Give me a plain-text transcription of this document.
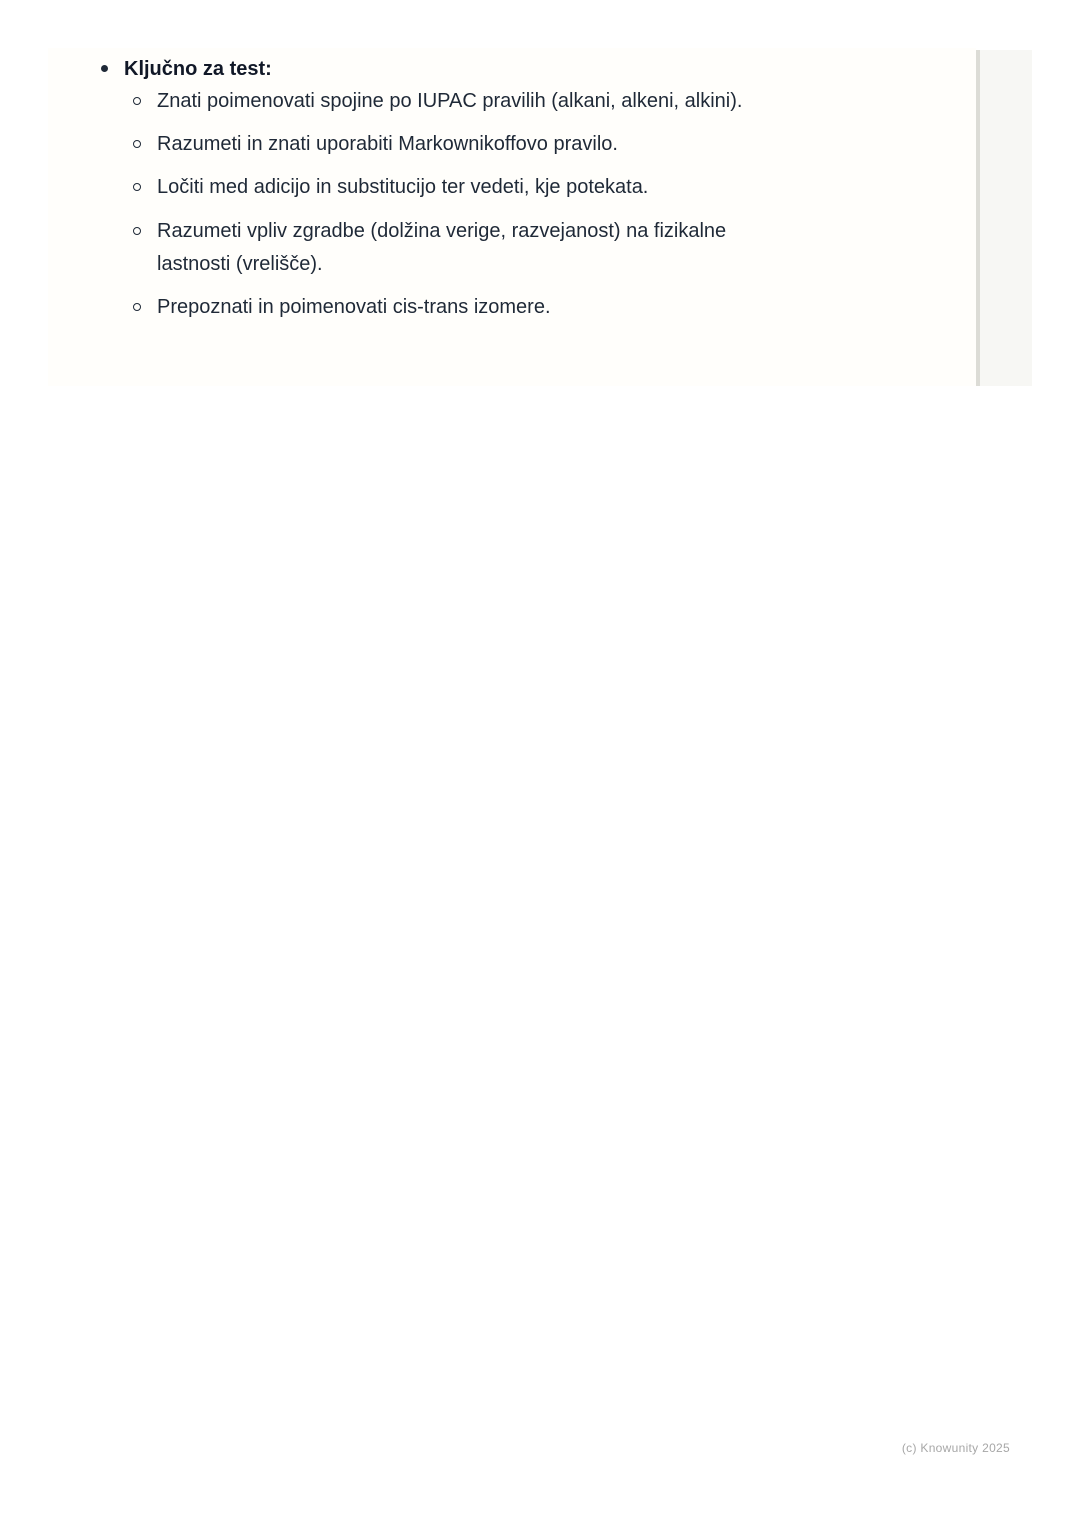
Ključno za test:
Znati poimenovati spojine po IUPAC pravilih (alkani, alkeni, alkini).
Razumeti in znati uporabiti Markownikoffovo pravilo.
Ločiti med adicijo in substitucijo ter vedeti, kje potekata.
Razumeti vpliv zgradbe (dolžina verige, razvejanost) na fizikalne lastnosti (vrelišče).
Prepoznati in poimenovati cis-trans izomere.
(c) Knowunity 2025
